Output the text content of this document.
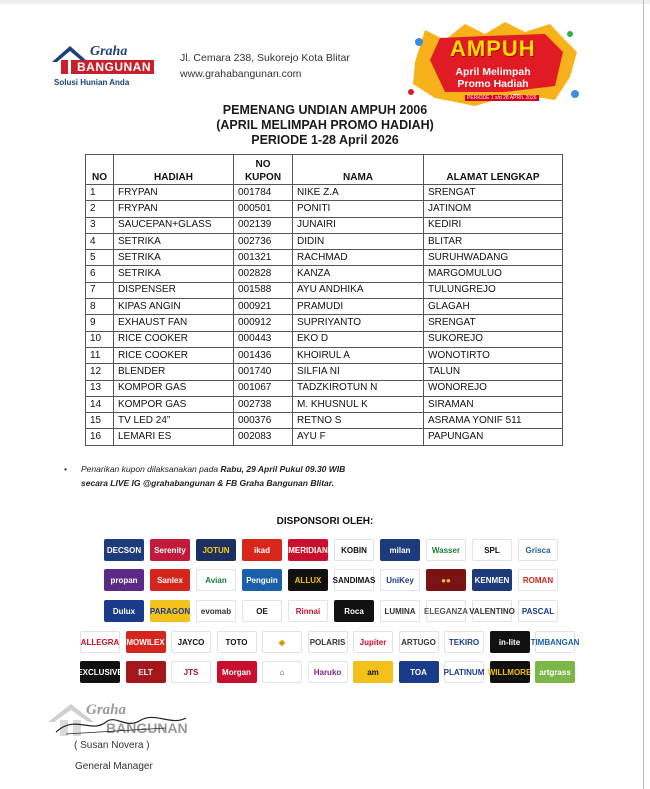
Graha
BANGUNAN
Solusi Hunian Anda
Jl. Cemara 238, Sukorejo Kota Blitar
www.grahabangunan.com
AMPUH
April Melimpah
Promo Hadiah
PERIODE 1 s/d 28 APRIL 2026
PEMENANG UNDIAN AMPUH 2006
(APRIL MELIMPAH PROMO HADIAH)
PERIODE 1-28 April 2026
NO	HADIAH	NO KUPON	NAMA	ALAMAT LENGKAP
1	FRYPAN	001784	NIKE Z.A	SRENGAT
2	FRYPAN	000501	PONITI	JATINOM
3	SAUCEPAN+GLASS	002139	JUNAIRI	KEDIRI
4	SETRIKA	002736	DIDIN	BLITAR
5	SETRIKA	001321	RACHMAD	SURUHWADANG
6	SETRIKA	002828	KANZA	MARGOMULUO
7	DISPENSER	001588	AYU ANDHIKA	TULUNGREJO
8	KIPAS ANGIN	000921	PRAMUDI	GLAGAH
9	EXHAUST FAN	000912	SUPRIYANTO	SRENGAT
10	RICE COOKER	000443	EKO D	SUKOREJO
11	RICE COOKER	001436	KHOIRUL A	WONOTIRTO
12	BLENDER	001740	SILFIA NI	TALUN
13	KOMPOR GAS	001067	TADZKIROTUN N	WONOREJO
14	KOMPOR GAS	002738	M. KHUSNUL K	SIRAMAN
15	TV LED 24”	000376	RETNO S	ASRAMA YONIF 511
16	LEMARI ES	002083	AYU F	PAPUNGAN
• Penarikan kupon dilaksanakan pada Rabu, 29 April Pukul 09.30 WIB
secara LIVE IG @grahabangunan & FB Graha Bangunan Blitar.
DISPONSORI OLEH:
DECSON	Serenity	JOTUN	ikad	MERIDIAN	KOBIN	milan	Wasser	SPL	Grisca
propan	Sanlex	Avian	Penguin	ALLUX	SANDIMAS	UniKey	●●	KENMEN	ROMAN
Dulux	PARAGON	evomab	OE	Rinnai	Roca	LUMINA	ELEGANZA VALENTINO PASCAL
ALLEGRA MOWILEX	JAYCO	TOTO	◆	POLARIS	Jupiter	ARTUGO	TEKIRO	in-lite	TIMBANGAN
EXCLUSIVE	ELT	JTS	Morgan	⌂	Haruko	am	TOA	PLATINUM WILLMORE artgrass
Graha
BANGUNAN
( Susan Novera )
General Manager
